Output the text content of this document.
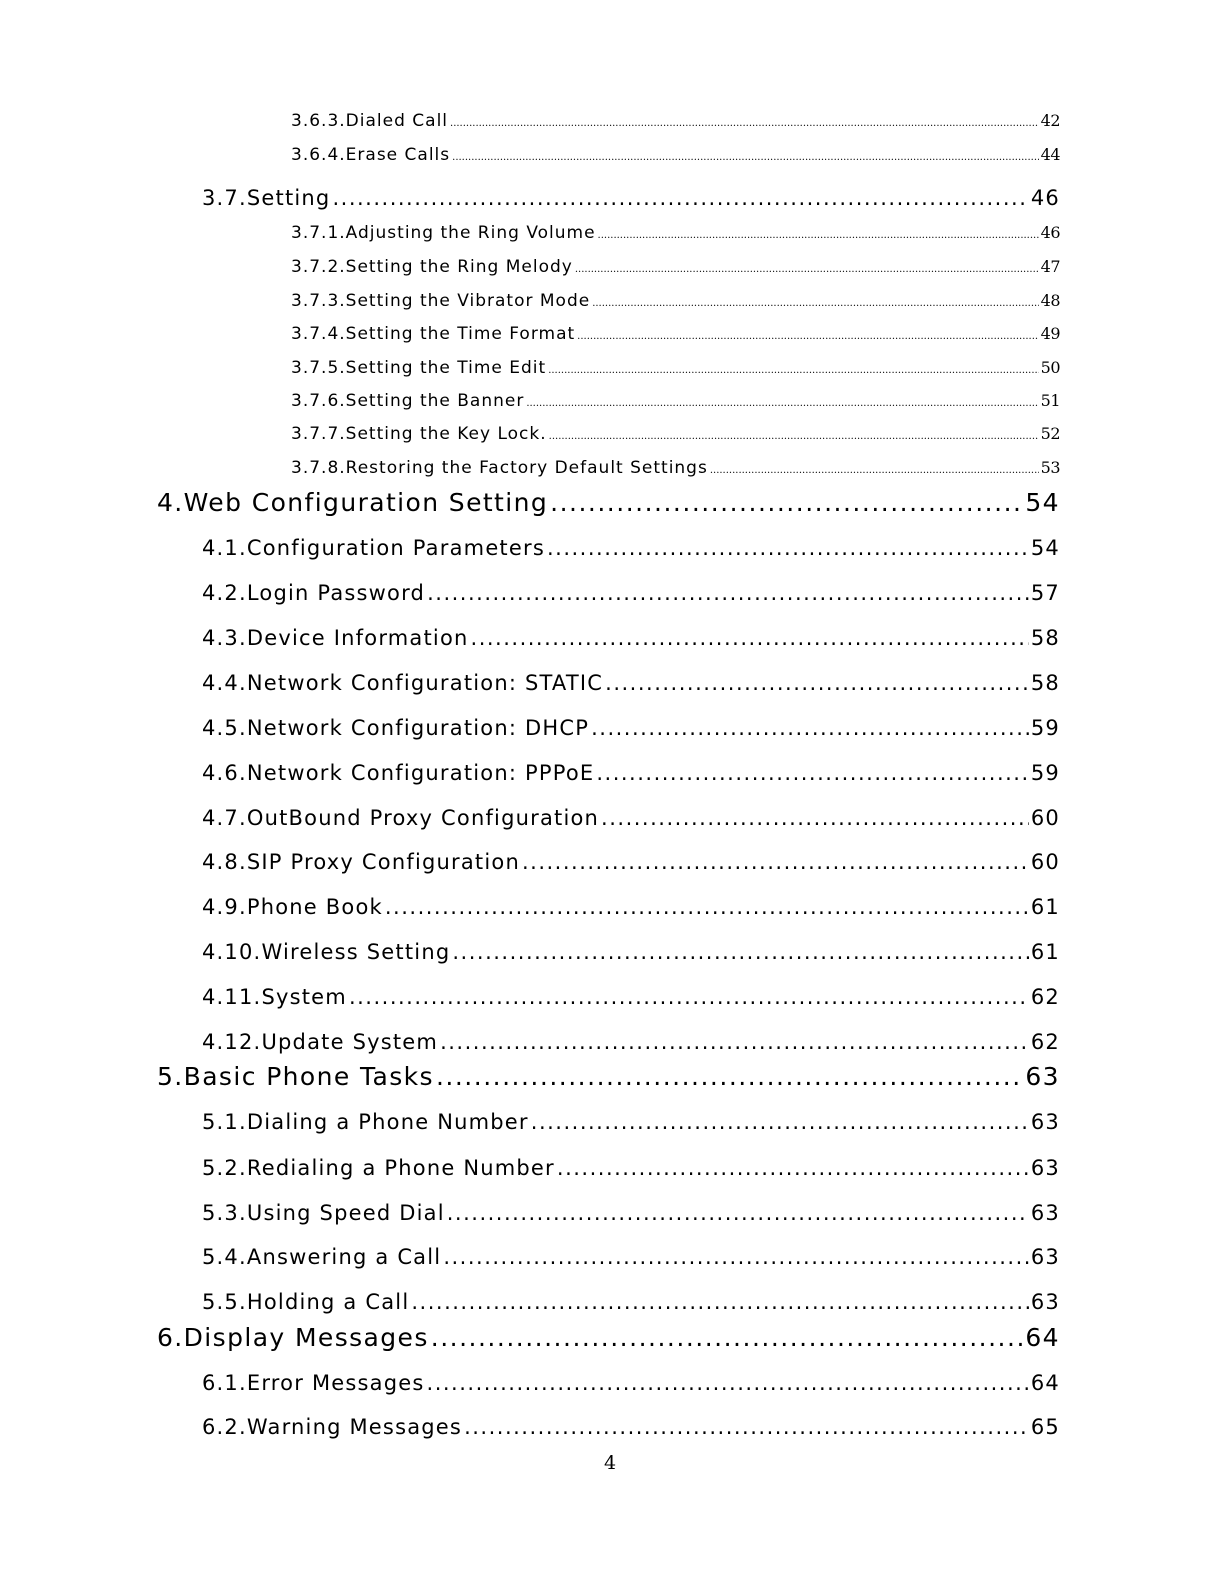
3.6.3. Dialed Call .....	42
3.6.4. Erase Calls .....	44
3.7. Setting .....	46
3.7.1. Adjusting the Ring Volume .....	46
3.7.2. Setting the Ring Melody .....	47
3.7.3. Setting the Vibrator Mode .....	48
3.7.4. Setting the Time Format .....	49
3.7.5. Setting the Time Edit .....	50
3.7.6. Setting the Banner .....	51
3.7.7. Setting the Key Lock. .....	52
3.7.8. Restoring the Factory Default Settings .....	53
4. Web Configuration Setting .....	54
4.1. Configuration Parameters .....	54
4.2. Login Password .....	57
4.3. Device Information .....	58
4.4. Network Configuration: STATIC .....	58
4.5. Network Configuration: DHCP .....	59
4.6. Network Configuration: PPPoE .....	59
4.7. OutBound Proxy Configuration .....	60
4.8. SIP Proxy Configuration .....	60
4.9. Phone Book .....	61
4.10. Wireless Setting .....	61
4.11. System .....	62
4.12. Update System .....	62
5. Basic Phone Tasks .....	63
5.1. Dialing a Phone Number .....	63
5.2. Redialing a Phone Number .....	63
5.3. Using Speed Dial .....	63
5.4. Answering a Call .....	63
5.5. Holding a Call .....	63
6. Display Messages .....	64
6.1. Error Messages .....	64
6.2. Warning Messages .....	65
4
